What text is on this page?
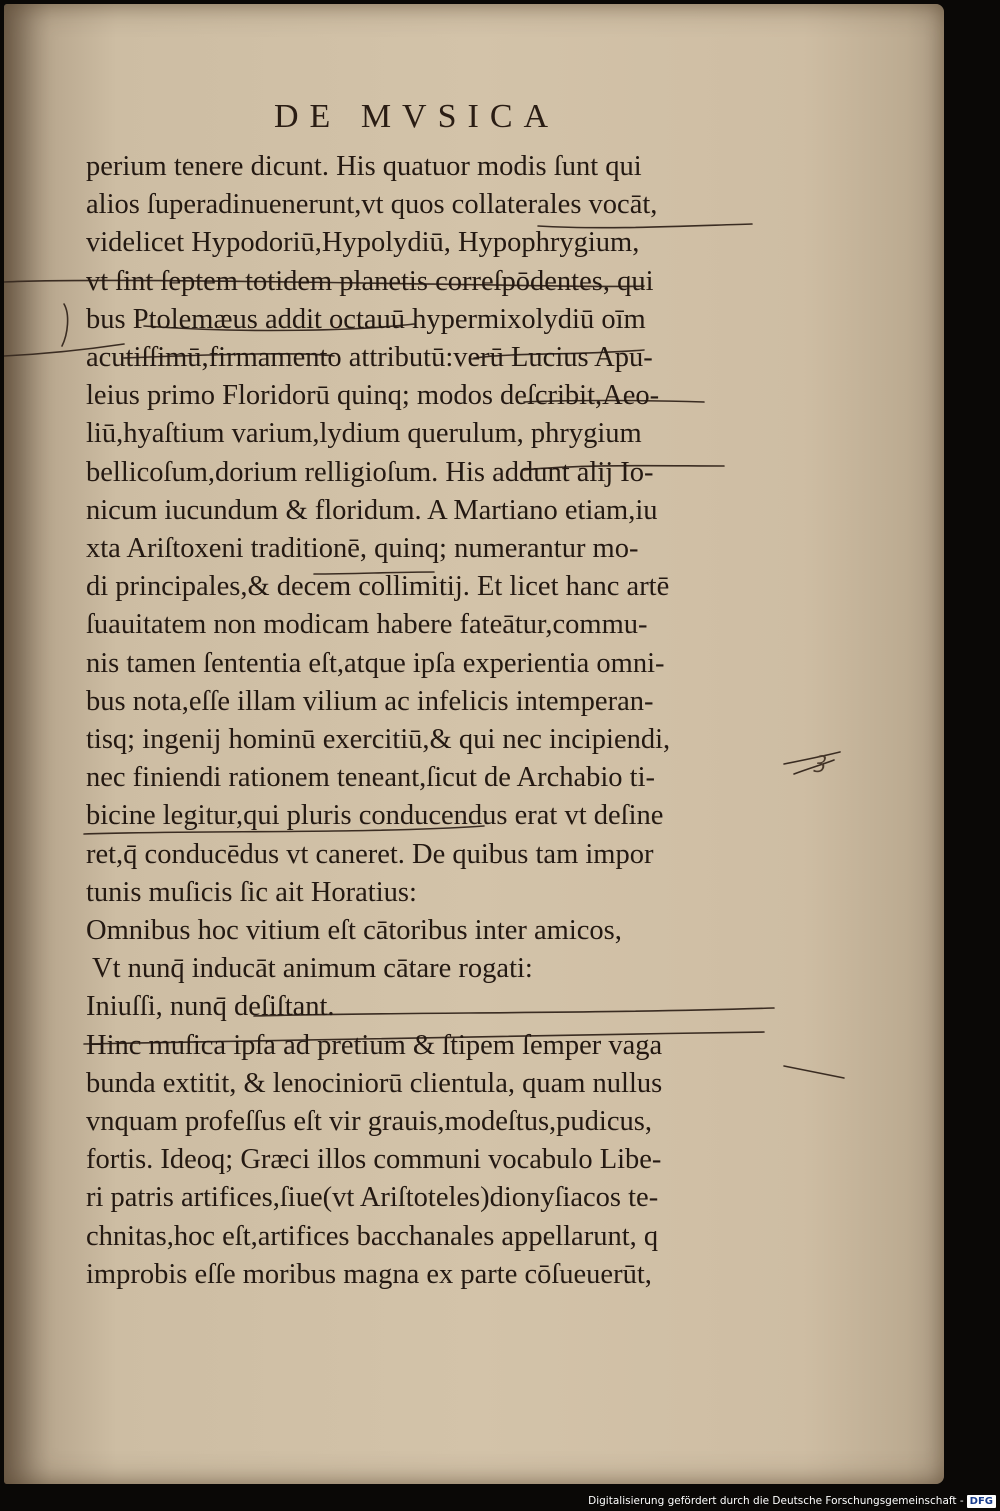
DE MVSICA
ꝫ
perium tenere dicunt. His quatuor modis ſunt qui
alios ſuperadinuenerunt,vt quos collaterales vocāt,
videlicet Hypodoriū,Hypolydiū, Hypophrygium,
vt ſint ſeptem totidem planetis correſpōdentes, qui
bus Ptolemæus addit octauū hypermixolydiū oīm
acutiſſimū,firmamento attributū:verū Lucius Apu-
leius primo Floridorū quinq; modos deſcribit,Aeo-
liū,hyaſtium varium,lydium querulum, phrygium
bellicoſum,dorium relligioſum. His addunt alij Io-
nicum iucundum & floridum. A Martiano etiam,iu
xta Ariſtoxeni traditionē, quinq; numerantur mo-
di principales,& decem collimitij. Et licet hanc artē
ſuauitatem non modicam habere fateātur,commu-
nis tamen ſententia eſt,atque ipſa experientia omni-
bus nota,eſſe illam vilium ac infelicis intemperan-
tisq; ingenij hominū exercitiū,& qui nec incipiendi,
nec finiendi rationem teneant,ſicut de Archabio ti-
bicine legitur,qui pluris conducendus erat vt deſine
ret,q̄ conducēdus vt caneret. De quibus tam impor
tunis muſicis ſic ait Horatius:
Omnibus hoc vitium eſt cātoribus inter amicos,
Vt nunq̄ inducāt animum cātare rogati:
Iniuſſi, nunq̄ deſiſtant.
Hinc muſica ipſa ad pretium & ſtipem ſemper vaga
bunda extitit, & lenociniorū clientula, quam nullus
vnquam profeſſus eſt vir grauis,modeſtus,pudicus,
fortis. Ideoq; Græci illos communi vocabulo Libe-
ri patris artifices,ſiue(vt Ariſtoteles)dionyſiacos te-
chnitas,hoc eſt,artifices bacchanales appellarunt, q
improbis eſſe moribus magna ex parte cōſueuerūt,
Digitalisierung gefördert durch die Deutsche Forschungsgemeinschaft - DFG
